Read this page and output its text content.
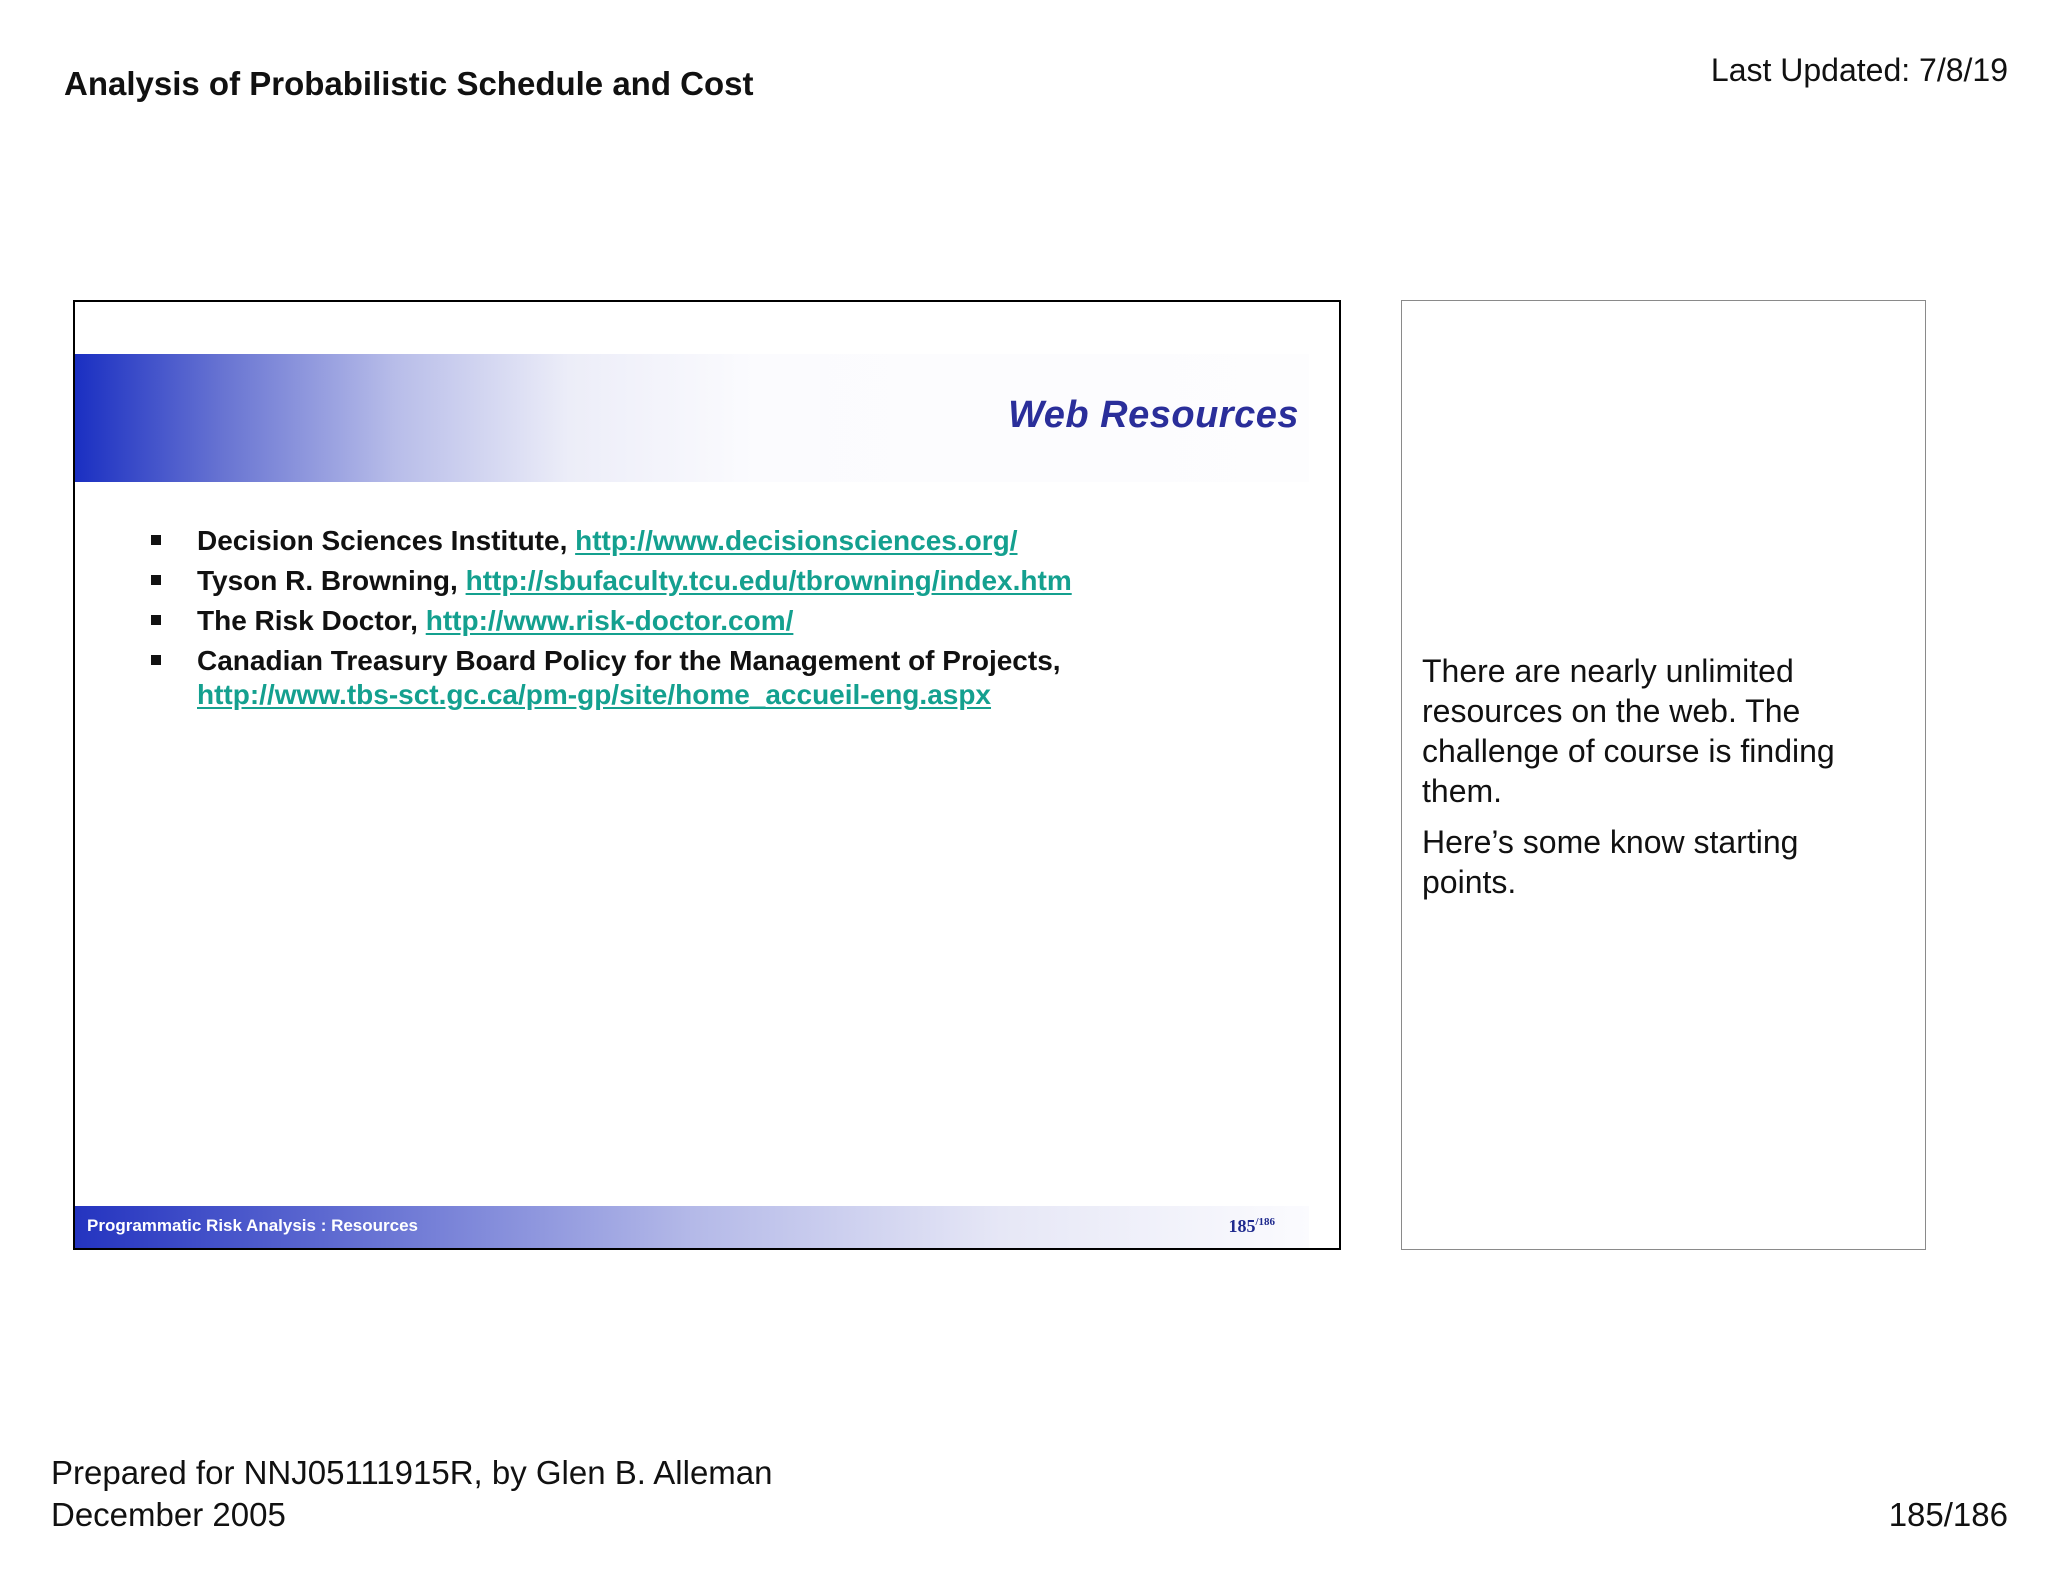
Analysis of Probabilistic Schedule and Cost	Last Updated: 7/8/19
Web Resources
Decision Sciences Institute, http://www.decisionsciences.org/
Tyson R. Browning, http://sbufaculty.tcu.edu/tbrowning/index.htm
The Risk Doctor, http://www.risk-doctor.com/
Canadian Treasury Board Policy for the Management of Projects,
http://www.tbs-sct.gc.ca/pm-gp/site/home_accueil-eng.aspx
Programmatic Risk Analysis : Resources	$185^{/186}$

There are nearly unlimited resources on the web. The challenge of course is finding them.

Here’s some know starting points.

Prepared for NNJ05111915R, by Glen B. Alleman
December 2005	185/186
